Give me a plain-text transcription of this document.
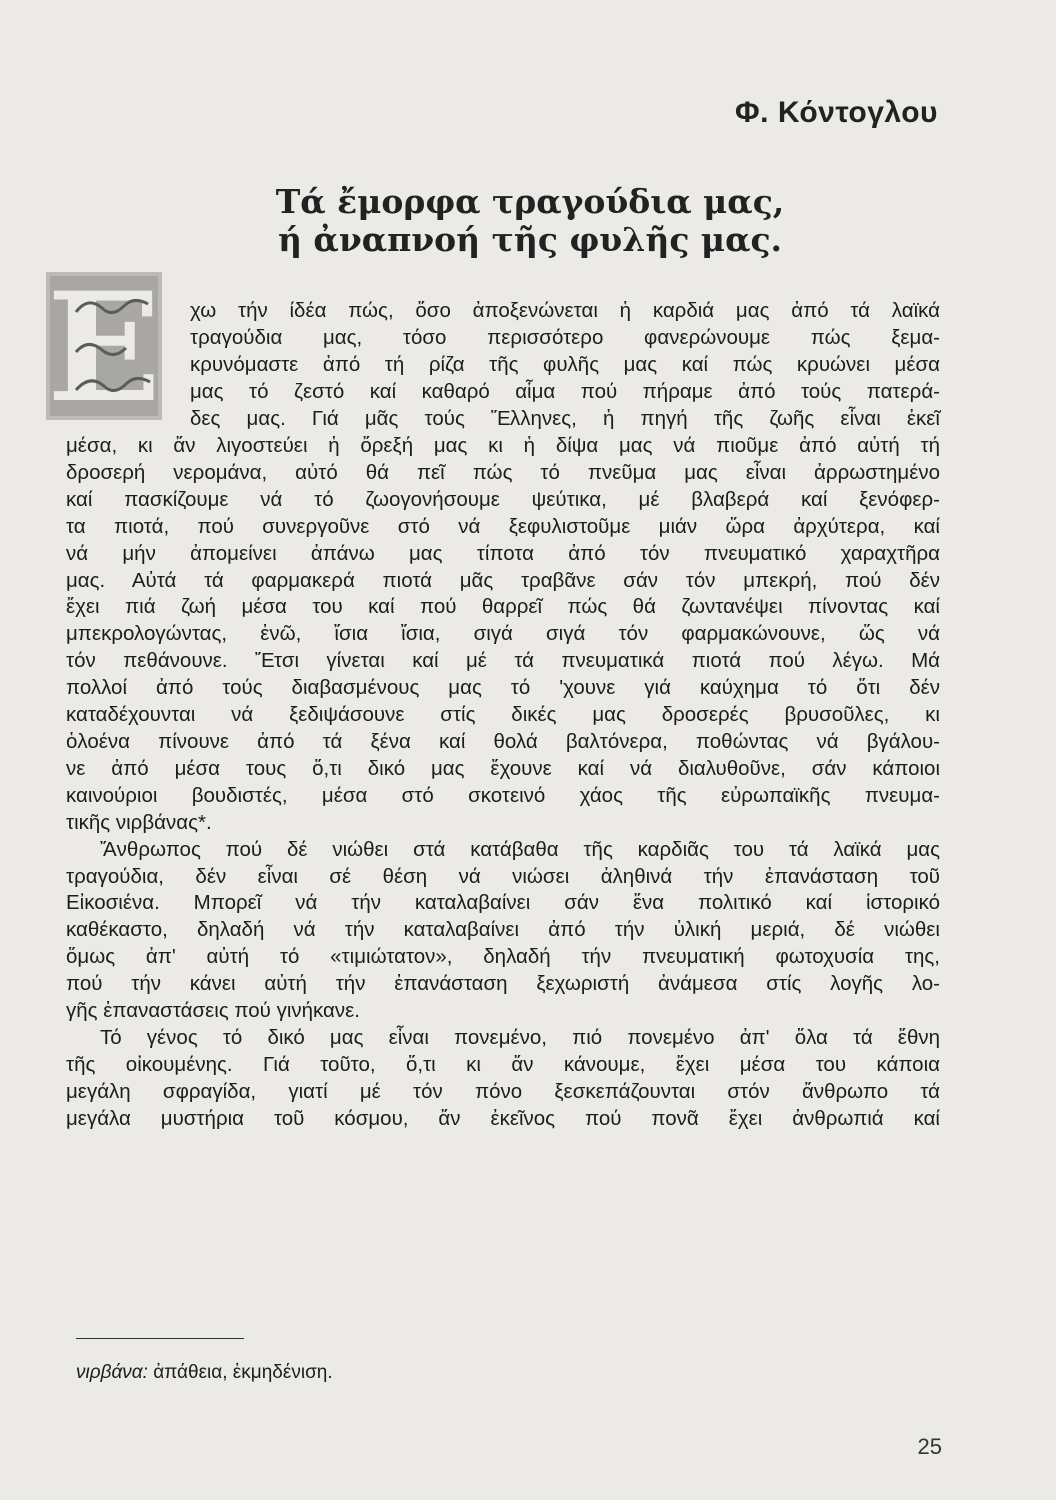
Φ. Κόντογλου
Τά ἔμορφα τραγούδια μας,
ή ἀναπνοή τῆς φυλῆς μας.
Ε χω τήν ίδέα πώς, ὅσο ἀποξενώνεται ἡ καρδιά μας ἀπό τά λαϊκά
τραγούδια μας, τόσο περισσότερο φανερώνουμε πώς ξεμα-
κρυνόμαστε ἀπό τή ρίζα τῆς φυλῆς μας καί πώς κρυώνει μέσα
μας τό ζεστό καί καθαρό αἷμα πού πήραμε ἀπό τούς πατερά-
δες μας. Γιά μᾶς τούς Ἕλληνες, ἡ πηγή τῆς ζωῆς εἶναι ἐκεῖ
μέσα, κι ἄν λιγοστεύει ἡ ὄρεξή μας κι ἡ δίψα μας νά πιοῦμε ἀπό αὐτή τή
δροσερή νερομάνα, αὐτό θά πεῖ πώς τό πνεῦμα μας εἶναι ἀρρωστημένο
καί πασκίζουμε νά τό ζωογονήσουμε ψεύτικα, μέ βλαβερά καί ξενόφερ-
τα πιοτά, πού συνεργοῦνε στό νά ξεφυλιστοῦμε μιάν ὥρα ἀρχύτερα, καί
νά μήν ἀπομείνει ἀπάνω μας τίποτα ἀπό τόν πνευματικό χαραχτῆρα
μας. Αὐτά τά φαρμακερά πιοτά μᾶς τραβᾶνε σάν τόν μπεκρή, πού δέν
ἔχει πιά ζωή μέσα του καί πού θαρρεῖ πώς θά ζωντανέψει πίνοντας καί
μπεκρολογώντας, ἐνῶ, ἴσια ἴσια, σιγά σιγά τόν φαρμακώνουνε, ὥς νά
τόν πεθάνουνε. Ἔτσι γίνεται καί μέ τά πνευματικά πιοτά πού λέγω. Μά
πολλοί ἀπό τούς διαβασμένους μας τό 'χουνε γιά καύχημα τό ὅτι δέν
καταδέχουνται νά ξεδιψάσουνε στίς δικές μας δροσερές βρυσοῦλες, κι
ὁλοένα πίνουνε ἀπό τά ξένα καί θολά βαλτόνερα, ποθώντας νά βγάλου-
νε ἀπό μέσα τους ὅ,τι δικό μας ἔχουνε καί νά διαλυθοῦνε, σάν κάποιοι
καινούριοι βουδιστές, μέσα στό σκοτεινό χάος τῆς εὐρωπαϊκῆς πνευμα-
τικῆς νιρβάνας*.
Ἄνθρωπος πού δέ νιώθει στά κατάβαθα τῆς καρδιᾶς του τά λαϊκά μας
τραγούδια, δέν εἶναι σέ θέση νά νιώσει ἀληθινά τήν ἐπανάσταση τοῦ
Εἰκοσιένα. Μπορεῖ νά τήν καταλαβαίνει σάν ἕνα πολιτικό καί ἱστορικό
καθέκαστο, δηλαδή νά τήν καταλαβαίνει ἀπό τήν ὑλική μεριά, δέ νιώθει
ὅμως ἀπ' αὐτή τό «τιμιώτατον», δηλαδή τήν πνευματική φωτοχυσία της,
πού τήν κάνει αὐτή τήν ἐπανάσταση ξεχωριστή ἀνάμεσα στίς λογῆς λο-
γῆς ἐπαναστάσεις πού γινήκανε.
Τό γένος τό δικό μας εἶναι πονεμένο, πιό πονεμένο ἀπ' ὅλα τά ἔθνη
τῆς οἰκουμένης. Γιά τοῦτο, ὅ,τι κι ἄν κάνουμε, ἔχει μέσα του κάποια
μεγάλη σφραγίδα, γιατί μέ τόν πόνο ξεσκεπάζουνται στόν ἄνθρωπο τά
μεγάλα μυστήρια τοῦ κόσμου, ἄν ἐκεῖνος πού πονᾶ ἔχει ἀνθρωπιά καί
νιρβάνα: ἀπάθεια, ἐκμηδένιση.
25
